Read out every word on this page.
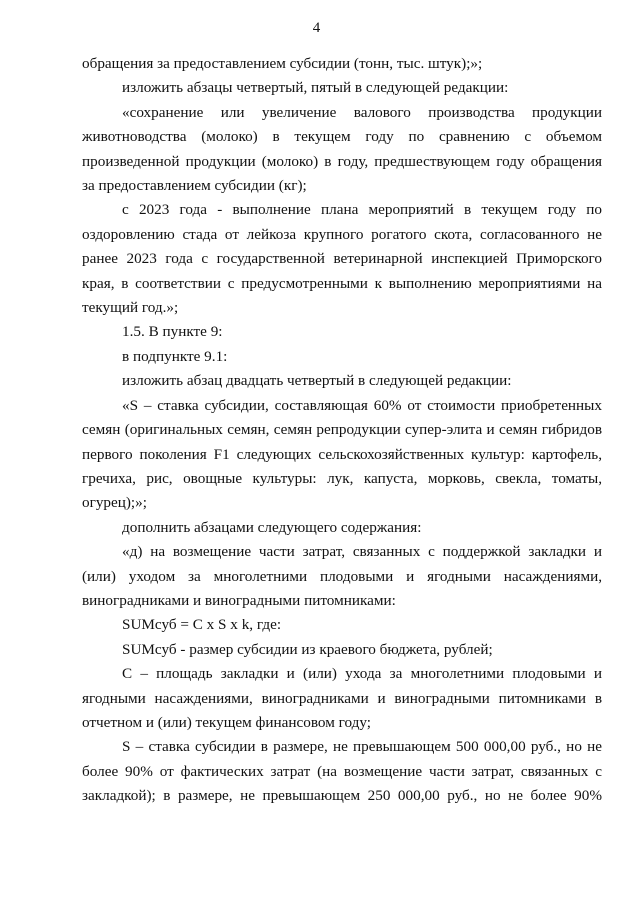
4

обращения за предоставлением субсидии (тонн, тыс. штук);»;

изложить абзацы четвертый, пятый в следующей редакции:

«сохранение или увеличение валового производства продукции животноводства (молоко) в текущем году по сравнению с объемом произведенной продукции (молоко) в году, предшествующем году обращения за предоставлением субсидии (кг);

с 2023 года - выполнение плана мероприятий в текущем году по оздоровлению стада от лейкоза крупного рогатого скота, согласованного не ранее 2023 года с государственной ветеринарной инспекцией Приморского края, в соответствии с предусмотренными к выполнению мероприятиями на текущий год.»;

1.5. В пункте 9:

в подпункте 9.1:

изложить абзац двадцать четвертый в следующей редакции:

«S – ставка субсидии, составляющая 60% от стоимости приобретенных семян (оригинальных семян, семян репродукции супер-элита и семян гибридов первого поколения F1 следующих сельскохозяйственных культур: картофель, гречиха, рис, овощные культуры: лук, капуста, морковь, свекла, томаты, огурец);»;

дополнить абзацами следующего содержания:

«д) на возмещение части затрат, связанных с поддержкой закладки и (или) уходом за многолетними плодовыми и ягодными насаждениями, виноградниками и виноградными питомниками:

SUMсуб = C x S x k, где:

SUMсуб - размер субсидии из краевого бюджета, рублей;

C – площадь закладки и (или) ухода за многолетними плодовыми и ягодными насаждениями, виноградниками и виноградными питомниками в отчетном и (или) текущем финансовом году;

S – ставка субсидии в размере, не превышающем 500 000,00 руб., но не более 90% от фактических затрат (на возмещение части затрат, связанных с закладкой); в размере, не превышающем 250 000,00 руб., но не более 90%
